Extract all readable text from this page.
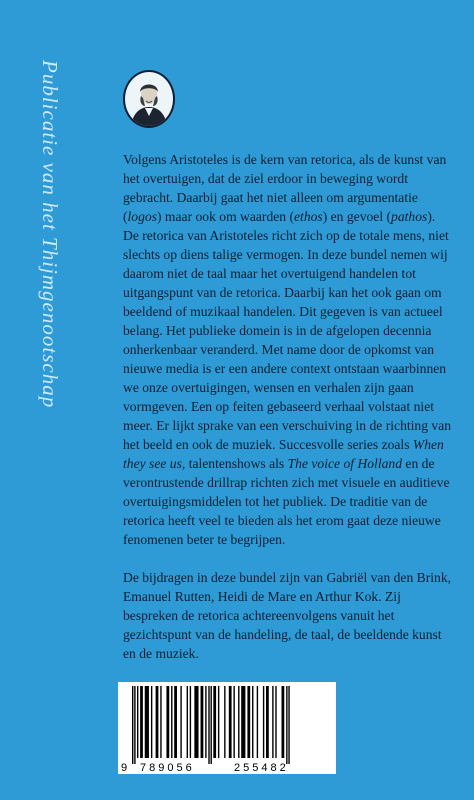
Publicatie van het Thijmgenootschap	Volgens Aristoteles is de kern van retorica, als de kunst van het overtuigen, dat de ziel erdoor in beweging wordt gebracht. Daarbij gaat het niet alleen om argumentatie (logos) maar ook om waarden (ethos) en gevoel (pathos). De retorica van Aristoteles richt zich op de totale mens, niet slechts op diens talige vermogen. In deze bundel nemen wij daarom niet de taal maar het overtuigend handelen tot uitgangspunt van de retorica. Daarbij kan het ook gaan om beeldend of muzikaal handelen. Dit gegeven is van actueel belang. Het publieke domein is in de afgelopen decennia onherkenbaar veranderd. Met name door de opkomst van nieuwe media is er een andere context ontstaan waarbinnen we onze overtuigingen, wensen en verhalen zijn gaan vormgeven. Een op feiten gebaseerd verhaal volstaat niet meer. Er lijkt sprake van een verschuiving in de richting van het beeld en ook de muziek. Succesvolle series zoals When they see us, talentenshows als The voice of Holland en de verontrustende drillrap richten zich met visuele en auditieve overtuigingsmiddelen tot het publiek. De traditie van de retorica heeft veel te bieden als het erom gaat deze nieuwe fenomenen beter te begrijpen.

De bijdragen in deze bundel zijn van Gabriël van den Brink, Emanuel Rutten, Heidi de Mare en Arthur Kok. Zij bespreken de retorica achtereenvolgens vanuit het gezichtspunt van de handeling, de taal, de beeldende kunst en de muziek.

9 789056	255482
